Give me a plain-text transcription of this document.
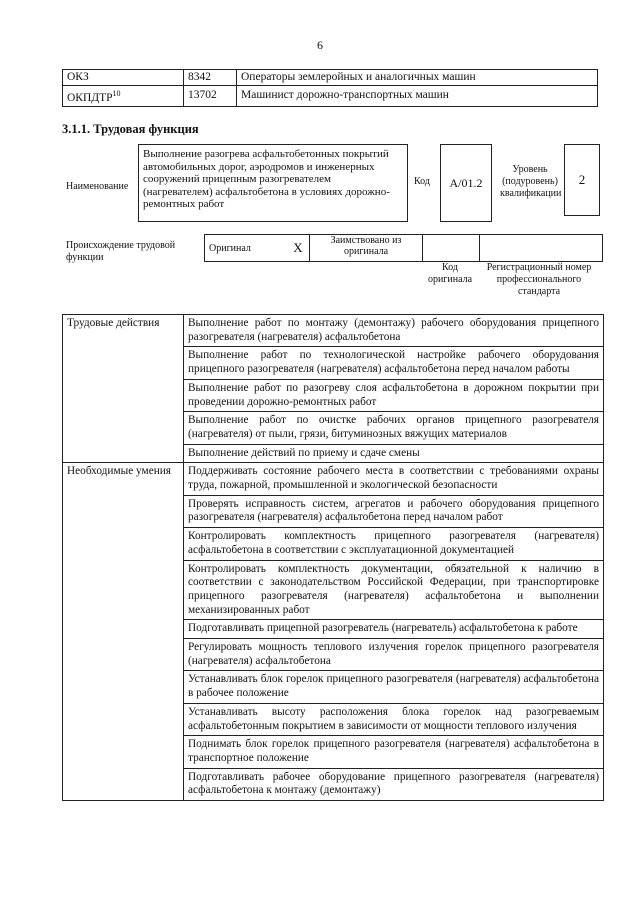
6
ОКЗ	8342	Операторы землеройных и аналогичных машин
ОКПДТР$^{10}$	13702	Машинист дорожно-транспортных машин
3.1.1. Трудовая функция
Наименование
Выполнение разогрева асфальтобетонных покрытий автомобильных дорог, аэродромов и инженерных сооружений прицепным разогревателем (нагревателем) асфальтобетона в условиях дорожно-ремонтных работ
Код	A/01.2
Уровень (подуровень) квалификации
2
Происхождение трудовой функции
Оригинал	X	Заимствовано из оригинала		
Код оригинала
Регистрационный номер профессионального стандарта
Трудовые действия	Выполнение работ по монтажу (демонтажу) рабочего оборудования прицепного разогревателя (нагревателя) асфальтобетона
	Выполнение работ по технологической настройке рабочего оборудования прицепного разогревателя (нагревателя) асфальтобетона перед началом работы
	Выполнение работ по разогреву слоя асфальтобетона в дорожном покрытии при проведении дорожно-ремонтных работ
	Выполнение работ по очистке рабочих органов прицепного разогревателя (нагревателя) от пыли, грязи, битуминозных вяжущих материалов
	Выполнение действий по приему и сдаче смены
Необходимые умения	Поддерживать состояние рабочего места в соответствии с требованиями охраны труда, пожарной, промышленной и экологической безопасности
	Проверять исправность систем, агрегатов и рабочего оборудования прицепного разогревателя (нагревателя) асфальтобетона перед началом работ
	Контролировать комплектность прицепного разогревателя (нагревателя) асфальтобетона в соответствии с эксплуатационной документацией
	Контролировать комплектность документации, обязательной к наличию в соответствии с законодательством Российской Федерации, при транспортировке прицепного разогревателя (нагревателя) асфальтобетона и выполнении механизированных работ
	Подготавливать прицепной разогреватель (нагреватель) асфальтобетона к работе
	Регулировать мощность теплового излучения горелок прицепного разогревателя (нагревателя) асфальтобетона
	Устанавливать блок горелок прицепного разогревателя (нагревателя) асфальтобетона в рабочее положение
	Устанавливать высоту расположения блока горелок над разогреваемым асфальтобетонным покрытием в зависимости от мощности теплового излучения
	Поднимать блок горелок прицепного разогревателя (нагревателя) асфальтобетона в транспортное положение
	Подготавливать рабочее оборудование прицепного разогревателя (нагревателя) асфальтобетона к монтажу (демонтажу)
